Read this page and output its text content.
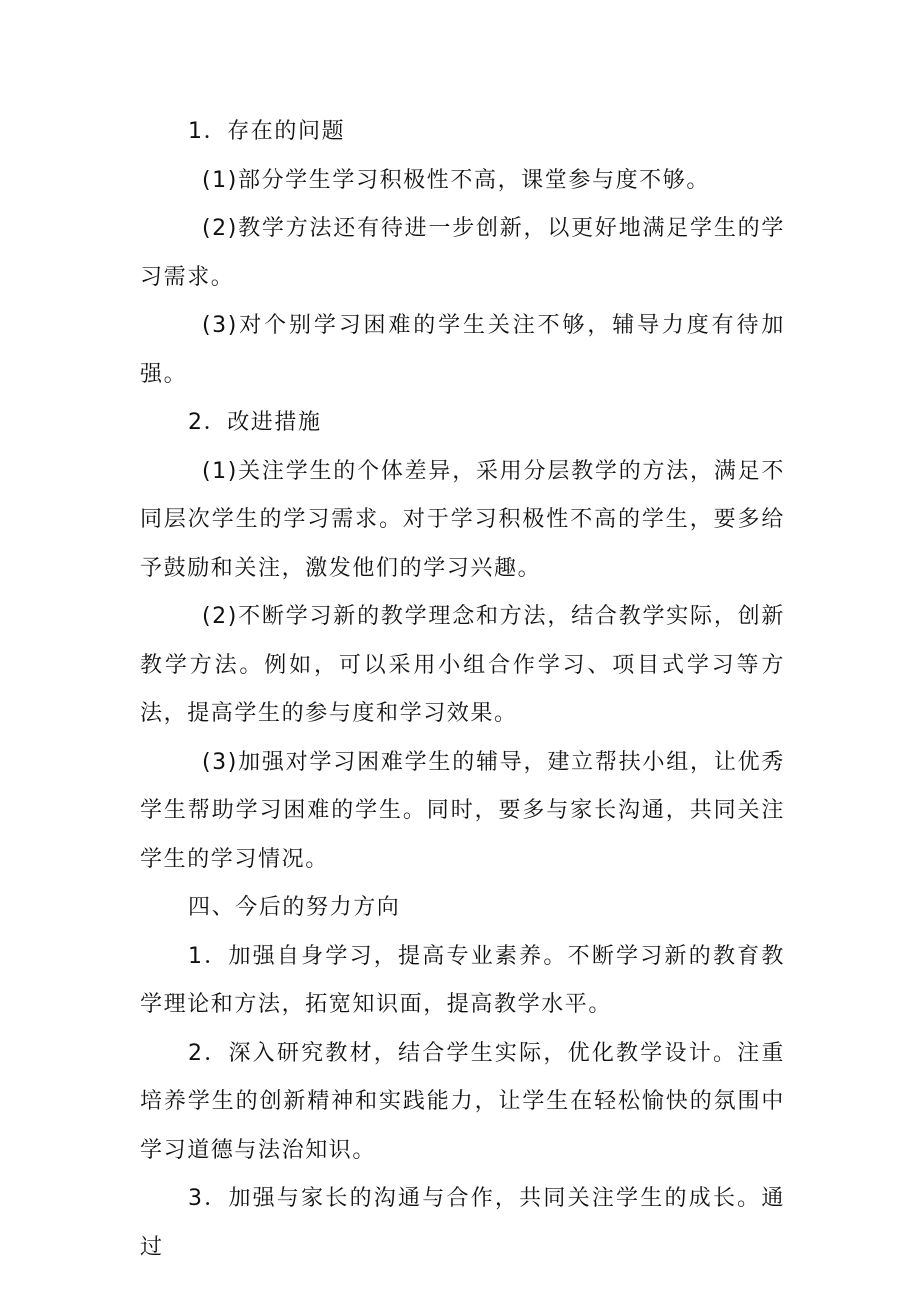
1．存在的问题

(1)部分学生学习积极性不高，课堂参与度不够。

(2)教学方法还有待进一步创新，以更好地满足学生的学习需求。

(3)对个别学习困难的学生关注不够，辅导力度有待加强。

2．改进措施

(1)关注学生的个体差异，采用分层教学的方法，满足不同层次学生的学习需求。对于学习积极性不高的学生，要多给予鼓励和关注，激发他们的学习兴趣。

(2)不断学习新的教学理念和方法，结合教学实际，创新教学方法。例如，可以采用小组合作学习、项目式学习等方法，提高学生的参与度和学习效果。

(3)加强对学习困难学生的辅导，建立帮扶小组，让优秀学生帮助学习困难的学生。同时，要多与家长沟通，共同关注学生的学习情况。

四、今后的努力方向

1．加强自身学习，提高专业素养。不断学习新的教育教学理论和方法，拓宽知识面，提高教学水平。

2．深入研究教材，结合学生实际，优化教学设计。注重培养学生的创新精神和实践能力，让学生在轻松愉快的氛围中学习道德与法治知识。

3．加强与家长的沟通与合作，共同关注学生的成长。通过
